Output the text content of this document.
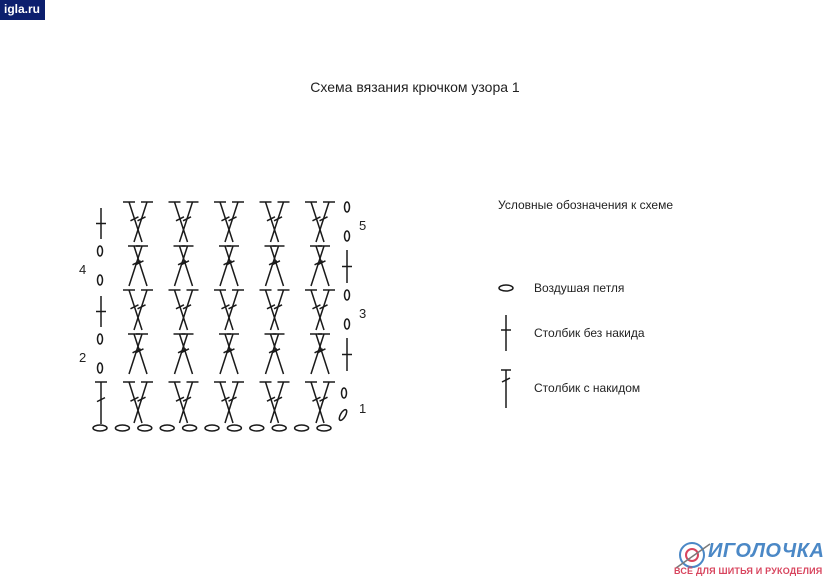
igla.ru
Схема вязания крючком узора 1
5
4
3
2
1
Условные обозначения к схеме
Воздушая петля
Столбик без накида
Столбик с накидом
ИГОЛОЧКА
ВСЁ ДЛЯ ШИТЬЯ И РУКОДЕЛИЯ
